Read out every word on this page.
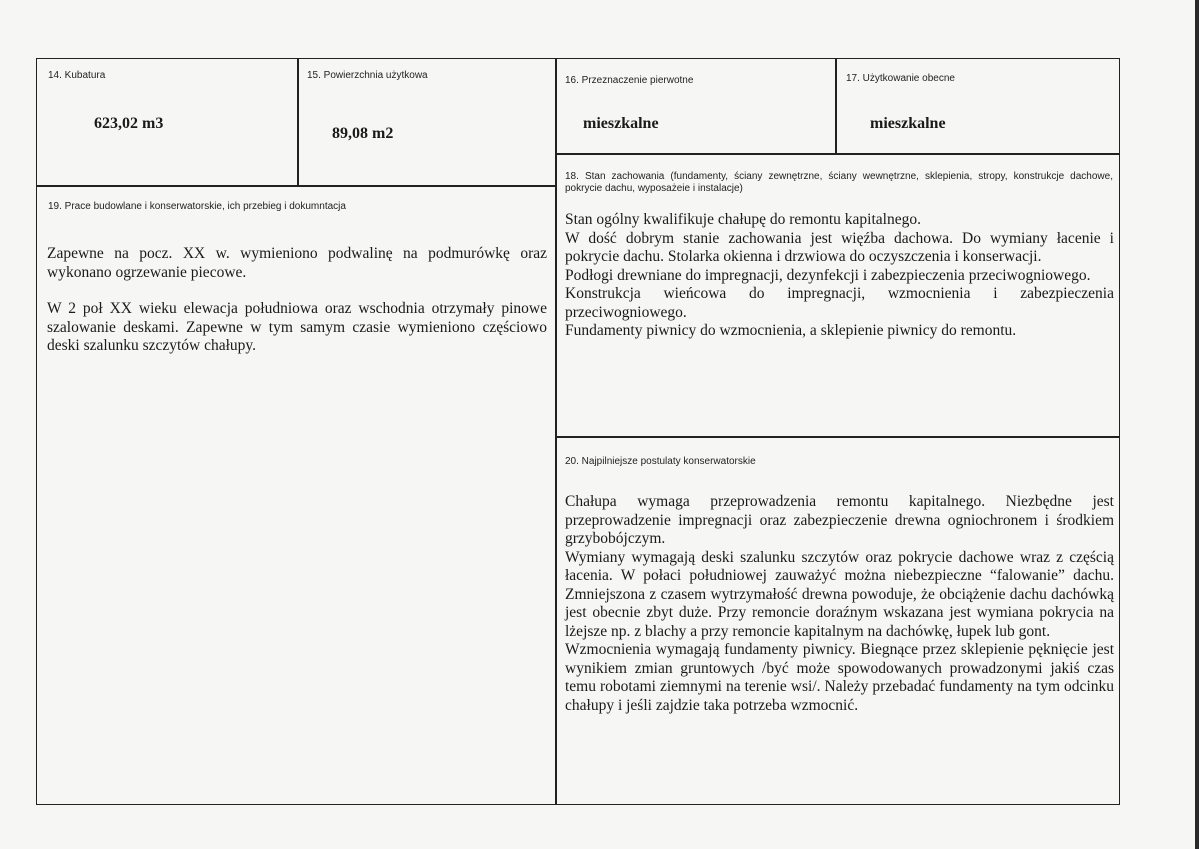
14. Kubatura
623,02 m3
15. Powierzchnia użytkowa
89,08 m2
16. Przeznaczenie pierwotne
mieszkalne
17. Użytkowanie obecne
mieszkalne
19. Prace budowlane i konserwatorskie, ich przebieg i dokumntacja

Zapewne na pocz. XX w. wymieniono podwalinę na podmurówkę oraz wykonano ogrzewanie piecowe.

W 2 poł XX wieku elewacja południowa oraz wschodnia otrzymały pinowe szalowanie deskami. Zapewne w tym samym czasie wymieniono częściowo deski szalunku szczytów chałupy.

18. Stan zachowania (fundamenty, ściany zewnętrzne, ściany wewnętrzne, sklepienia, stropy, konstrukcje dachowe, pokrycie dachu, wyposażeie i instalacje)

Stan ogólny kwalifikuje chałupę do remontu kapitalnego.

W dość dobrym stanie zachowania jest więźba dachowa. Do wymiany łacenie i pokrycie dachu. Stolarka okienna i drzwiowa do oczyszczenia i konserwacji.

Podłogi drewniane do impregnacji, dezynfekcji i zabezpieczenia przeciwogniowego.

Konstrukcja wieńcowa do impregnacji, wzmocnienia i zabezpieczenia przeciwogniowego.

Fundamenty piwnicy do wzmocnienia, a sklepienie piwnicy do remontu.

20. Najpilniejsze postulaty konserwatorskie

Chałupa wymaga przeprowadzenia remontu kapitalnego. Niezbędne jest przeprowadzenie impregnacji oraz zabezpieczenie drewna ogniochronem i środkiem grzybobójczym.

Wymiany wymagają deski szalunku szczytów oraz pokrycie dachowe wraz z częścią łacenia. W połaci południowej zauważyć można niebezpieczne “falowanie” dachu. Zmniejszona z czasem wytrzymałość drewna powoduje, że obciążenie dachu dachówką jest obecnie zbyt duże. Przy remoncie doraźnym wskazana jest wymiana pokrycia na lżejsze np. z blachy a przy remoncie kapitalnym na dachówkę, łupek lub gont.

Wzmocnienia wymagają fundamenty piwnicy. Biegnące przez sklepienie pęknięcie jest wynikiem zmian gruntowych /być może spowodowanych prowadzonymi jakiś czas temu robotami ziemnymi na terenie wsi/. Należy przebadać fundamenty na tym odcinku chałupy i jeśli zajdzie taka potrzeba wzmocnić.
